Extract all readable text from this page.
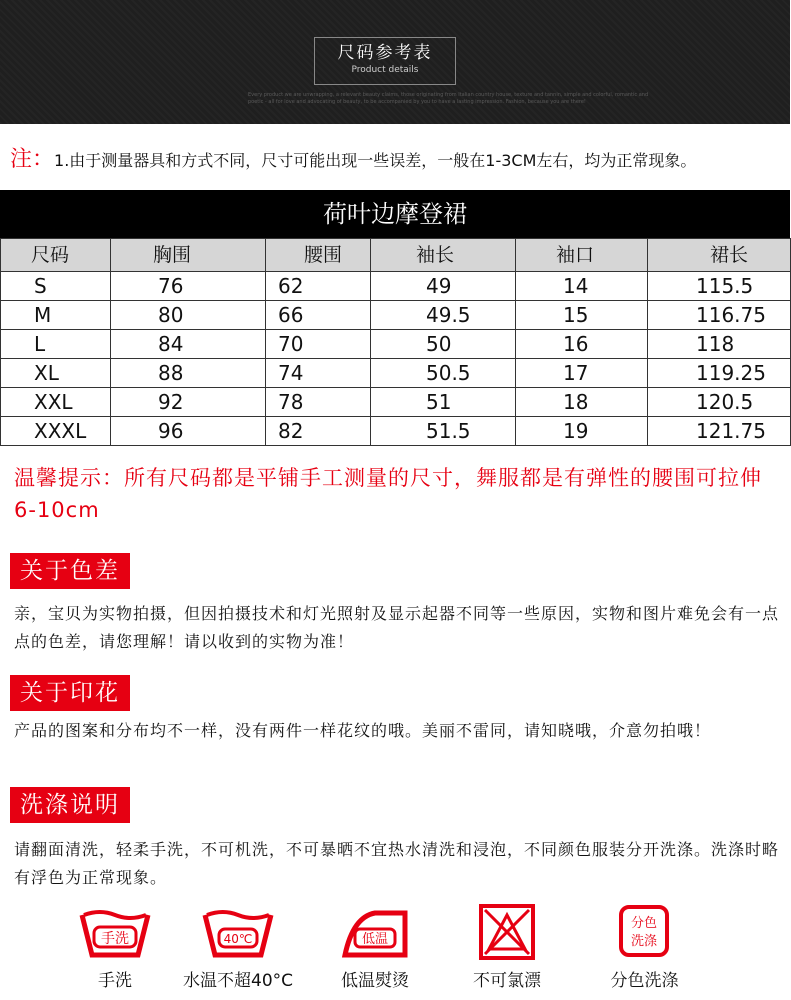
尺码参考表
Product details
Every product we are unwrapping, a relevant beauty claims, those originating from Italian country house, texture and tannin, simple and colorful, romantic and
poetic - all for love and advocating of beauty, to be accompanied by you to have a lasting impression. Fashion, because you are there!
注：1.由于测量器具和方式不同，尺寸可能出现一些误差，一般在1-3CM左右，均为正常现象。
荷叶边摩登裙
尺码	胸围	腰围	袖长	袖口	裙长
S	76	62	49	14	115.5
M	80	66	49.5	15	116.75
L	84	70	50	16	118
XL	88	74	50.5	17	119.25
XXL	92	78	51	18	120.5
XXXL	96	82	51.5	19	121.75
温馨提示：所有尺码都是平铺手工测量的尺寸，舞服都是有弹性的腰围可拉伸6-10cm
关于色差
亲，宝贝为实物拍摄，但因拍摄技术和灯光照射及显示起器不同等一些原因，实物和图片难免会有一点点的色差，请您理解！请以收到的实物为准！
关于印花
产品的图案和分布均不一样，没有两件一样花纹的哦。美丽不雷同，请知晓哦，介意勿拍哦！
洗涤说明
请翻面清洗，轻柔手洗，不可机洗，不可暴晒不宜热水清洗和浸泡，不同颜色服装分开洗涤。洗涤时略有浮色为正常现象。
手洗
手洗
40℃
水温不超40°C
低温
低温熨烫	不可氯漂
分色
洗涤
分色洗涤
